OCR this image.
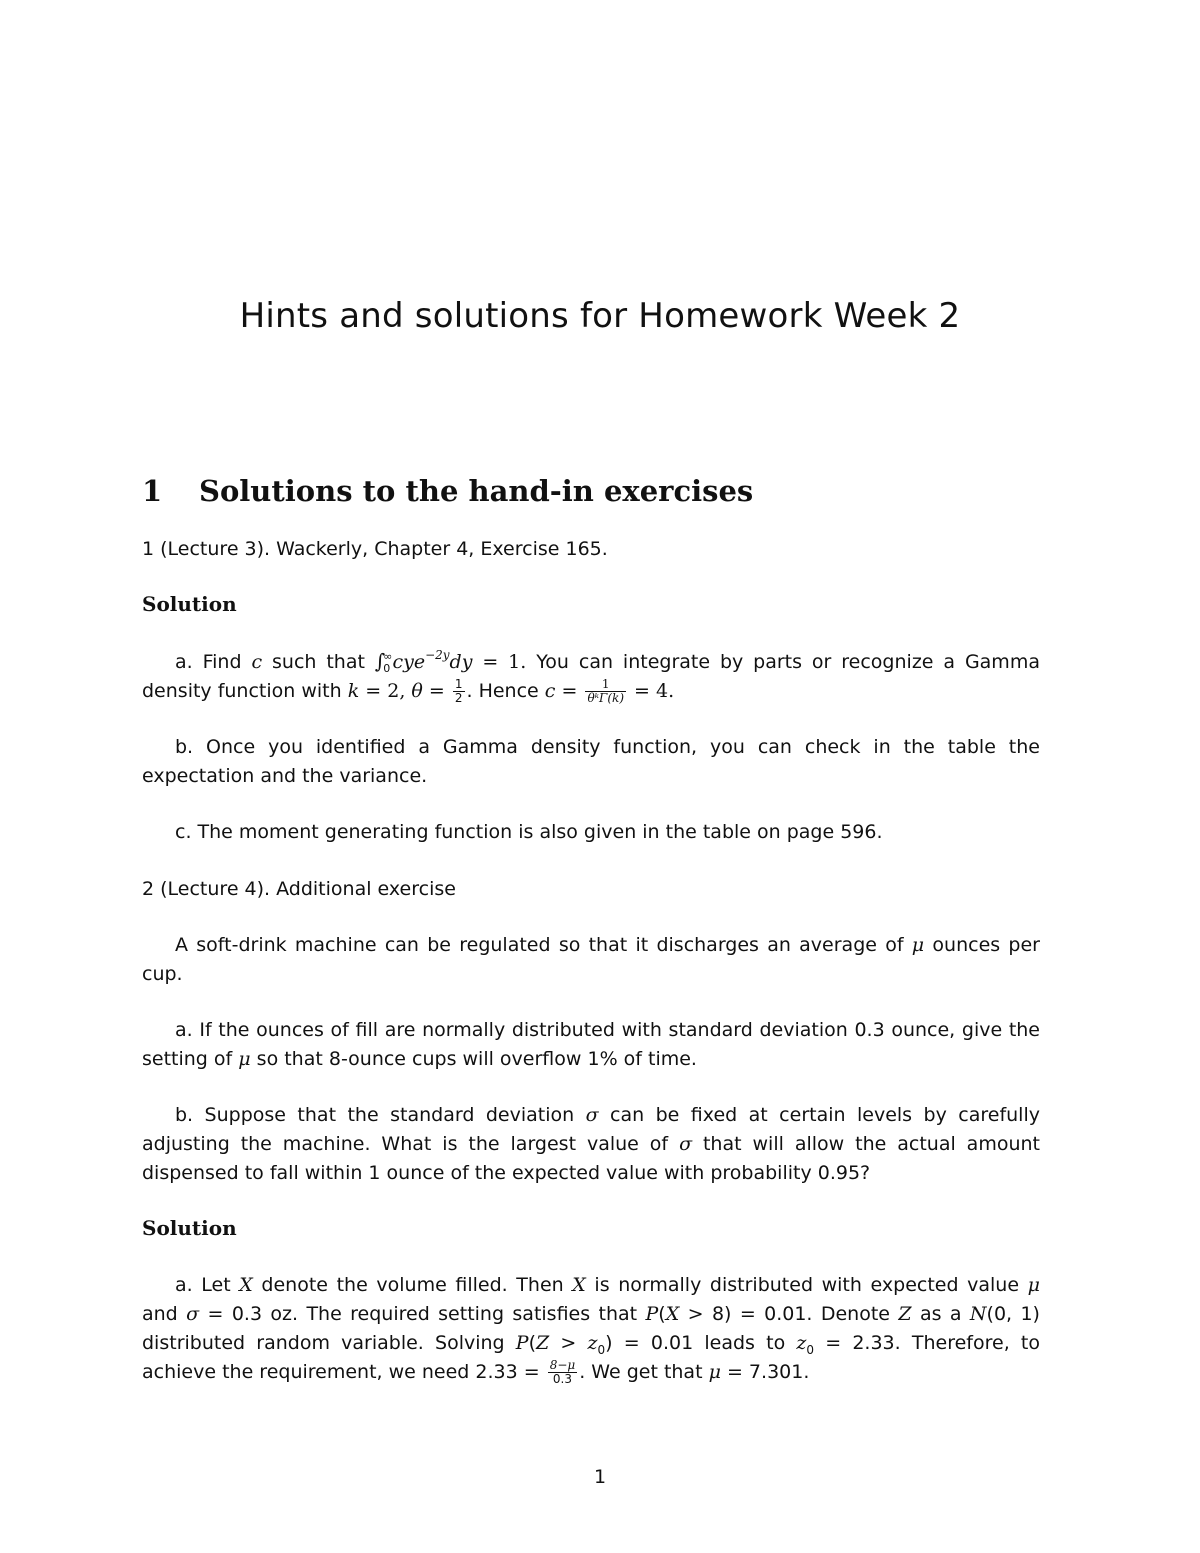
Hints and solutions for Homework Week 2
1 Solutions to the hand-in exercises

1 (Lecture 3). Wackerly, Chapter 4, Exercise 165.

Solution

a. Find c such that ∫
∞
0 cye$^{-2y}$dy = 1. You can integrate by parts or recognize a Gamma density function with k = 2, $\theta = \frac{1}{2}$ . Hence $c = \frac{1}{\text{θᵏΓ(k)}} = 4$.

b. Once you identified a Gamma density function, you can check in the table the expectation and the variance.

c. The moment generating function is also given in the table on page 596.

2 (Lecture 4). Additional exercise

A soft-drink machine can be regulated so that it discharges an average of μ ounces per cup.

a. If the ounces of fill are normally distributed with standard deviation 0.3 ounce, give the setting of μ so that 8-ounce cups will overflow 1% of time.

b. Suppose that the standard deviation σ can be fixed at certain levels by carefully adjusting the machine. What is the largest value of σ that will allow the actual amount dispensed to fall within 1 ounce of the expected value with probability 0.95?

Solution

a. Let X denote the volume filled. Then X is normally distributed with expected value μ and σ = 0.3 oz. The required setting satisfies that P(X > 8) = 0.01. Denote Z as a N(0, 1) distributed random variable. Solving $P(Z > z_0) = 0.01$ leads to $z_0 = 2.33$. Therefore, to achieve the requirement, we need $2.33 = \frac{8-\mu}{0.3}$ . We get that μ = 7.301.

1
